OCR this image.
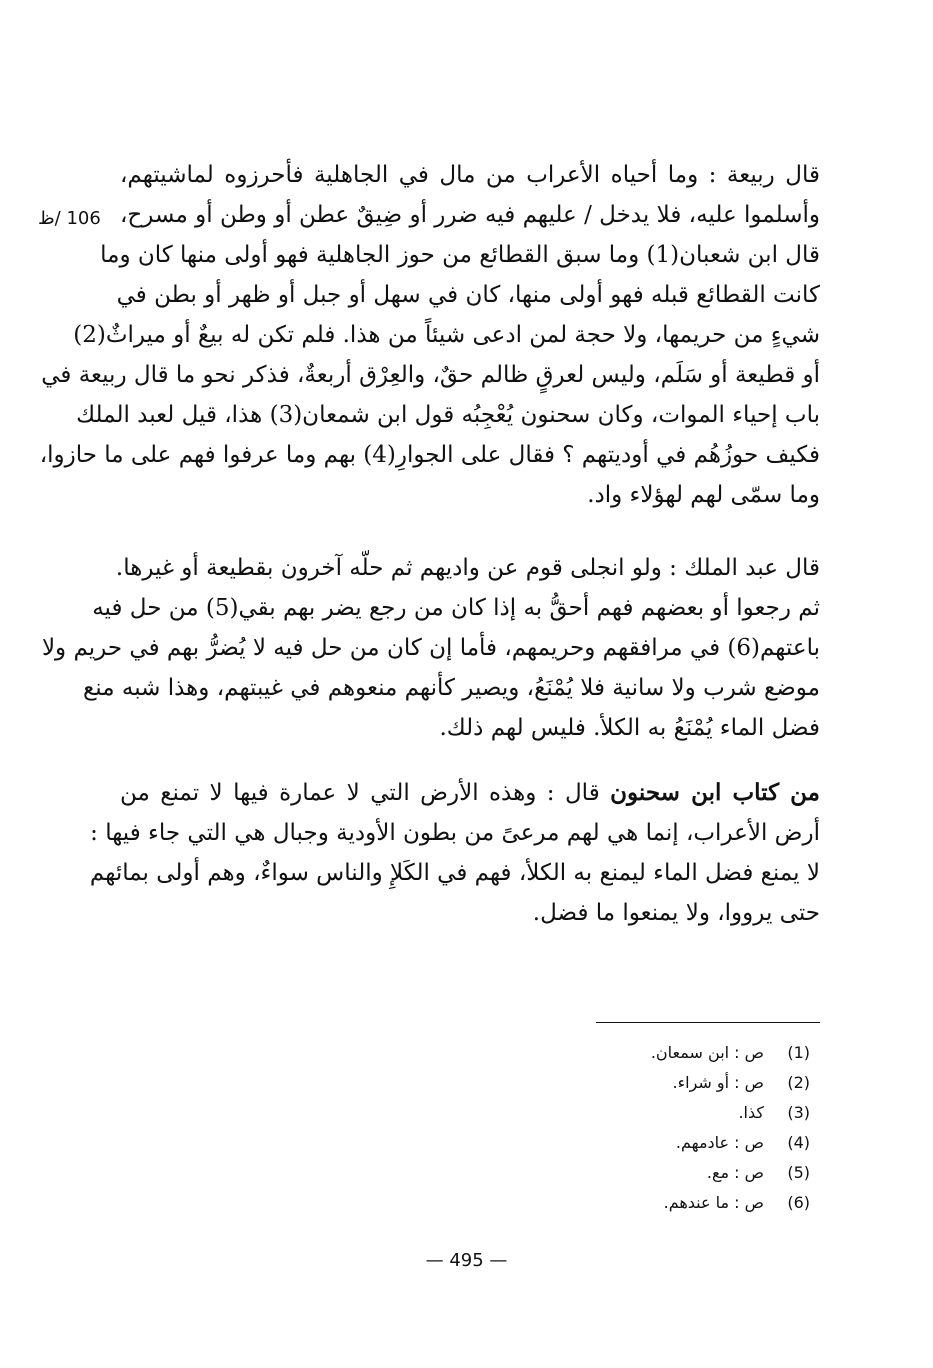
106 /ظ
قال ربيعة : وما أحياه الأعراب من مال في الجاهلية فأحرزوه لماشيتهم،
وأسلموا عليه، فلا يدخل / عليهم فيه ضرر أو ضِيقٌ عطن أو وطن أو مسرح،
قال ابن شعبان(1) وما سبق القطائع من حوز الجاهلية فهو أولى منها كان وما
كانت القطائع قبله فهو أولى منها، كان في سهل أو جبل أو ظهر أو بطن في
شيءٍ من حريمها، ولا حجة لمن ادعى شيئاً من هذا. فلم تكن له بيعٌ أو ميراثٌ(2)
أو قطيعة أو سَلَم، وليس لعرقٍ ظالم حقٌ، والعِرْق أربعةٌ، فذكر نحو ما قال ربيعة في
باب إحياء الموات، وكان سحنون يُعْجِبُه قول ابن شمعان(3) هذا، قيل لعبد الملك
فكيف حوزُهُم في أوديتهم ؟ فقال على الجوارِ(4) بهم وما عرفوا فهم على ما حازوا،
وما سمّى لهم لهؤلاء واد.
قال عبد الملك : ولو انجلى قوم عن واديهم ثم حلّه آخرون بقطيعة أو غيرها.
ثم رجعوا أو بعضهم فهم أحقُّ به إذا كان من رجع يضر بهم بقي(5) من حل فيه
باعتهم(6) في مرافقهم وحريمهم، فأما إن كان من حل فيه لا يُضرُّ بهم في حريم ولا
موضع شرب ولا سانية فلا يُمْنَعُ، ويصير كأنهم منعوهم في غيبتهم، وهذا شبه منع
فضل الماء يُمْنَعُ به الكلأ. فليس لهم ذلك.
من كتاب ابن سحنون قال : وهذه الأرض التي لا عمارة فيها لا تمنع من
أرض الأعراب، إنما هي لهم مرعىً من بطون الأودية وجبال هي التي جاء فيها :
لا يمنع فضل الماء ليمنع به الكلأ، فهم في الكَلإِ والناس سواءٌ، وهم أولى بمائهم
حتى يرووا، ولا يمنعوا ما فضل.
(1)ص : ابن سمعان.
(2)ص : أو شراء.
(3)كذا.
(4)ص : عادمهم.
(5)ص : مع.
(6)ص : ما عندهم.
— 495 —
